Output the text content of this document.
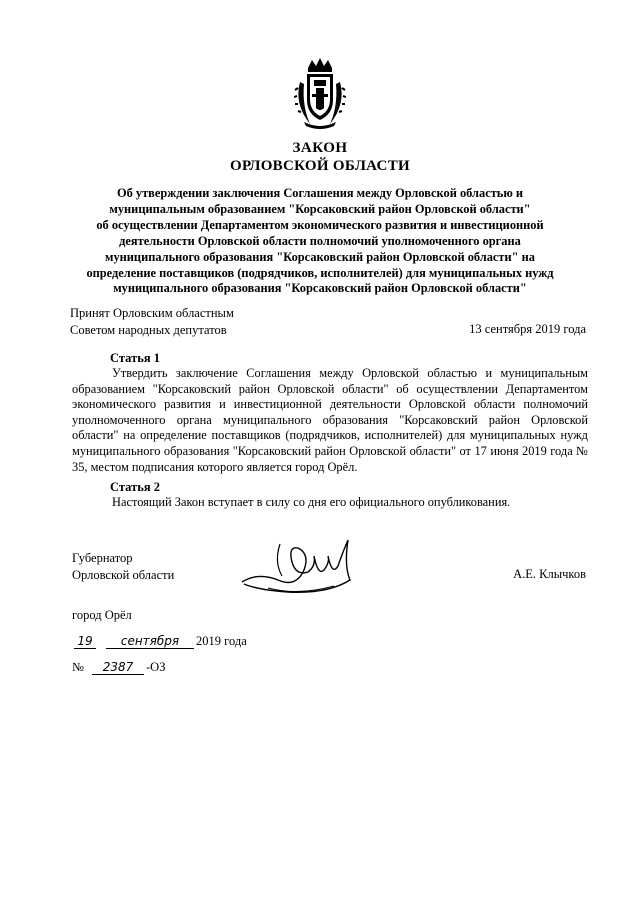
ЗАКОН
ОРЛОВСКОЙ ОБЛАСТИ
Об утверждении заключения Соглашения между Орловской областью и
муниципальным образованием "Корсаковский район Орловской области"
об осуществлении Департаментом экономического развития и инвестиционной
деятельности Орловской области полномочий уполномоченного органа
муниципального образования "Корсаковский район Орловской области" на
определение поставщиков (подрядчиков, исполнителей) для муниципальных нужд
муниципального образования "Корсаковский район Орловской области"
Принят Орловским областным
Советом народных депутатов	13 сентября 2019 года
Статья 1
Утвердить заключение Соглашения между Орловской областью и муниципальным образованием "Корсаковский район Орловской области" об осуществлении Департаментом экономического развития и инвестиционной деятельности Орловской области полномочий уполномоченного органа муниципального образования "Корсаковский район Орловской области" на определение поставщиков (подрядчиков, исполнителей) для муниципальных нужд муниципального образования "Корсаковский район Орловской области" от 17 июня 2019 года № 35, местом подписания которого является город Орёл.
Статья 2
Настоящий Закон вступает в силу со дня его официального опубликования.
Губернатор
Орловской области	А.Е. Клычков
город Орёл
19	сентября	2019 года
№	2387	-ОЗ
